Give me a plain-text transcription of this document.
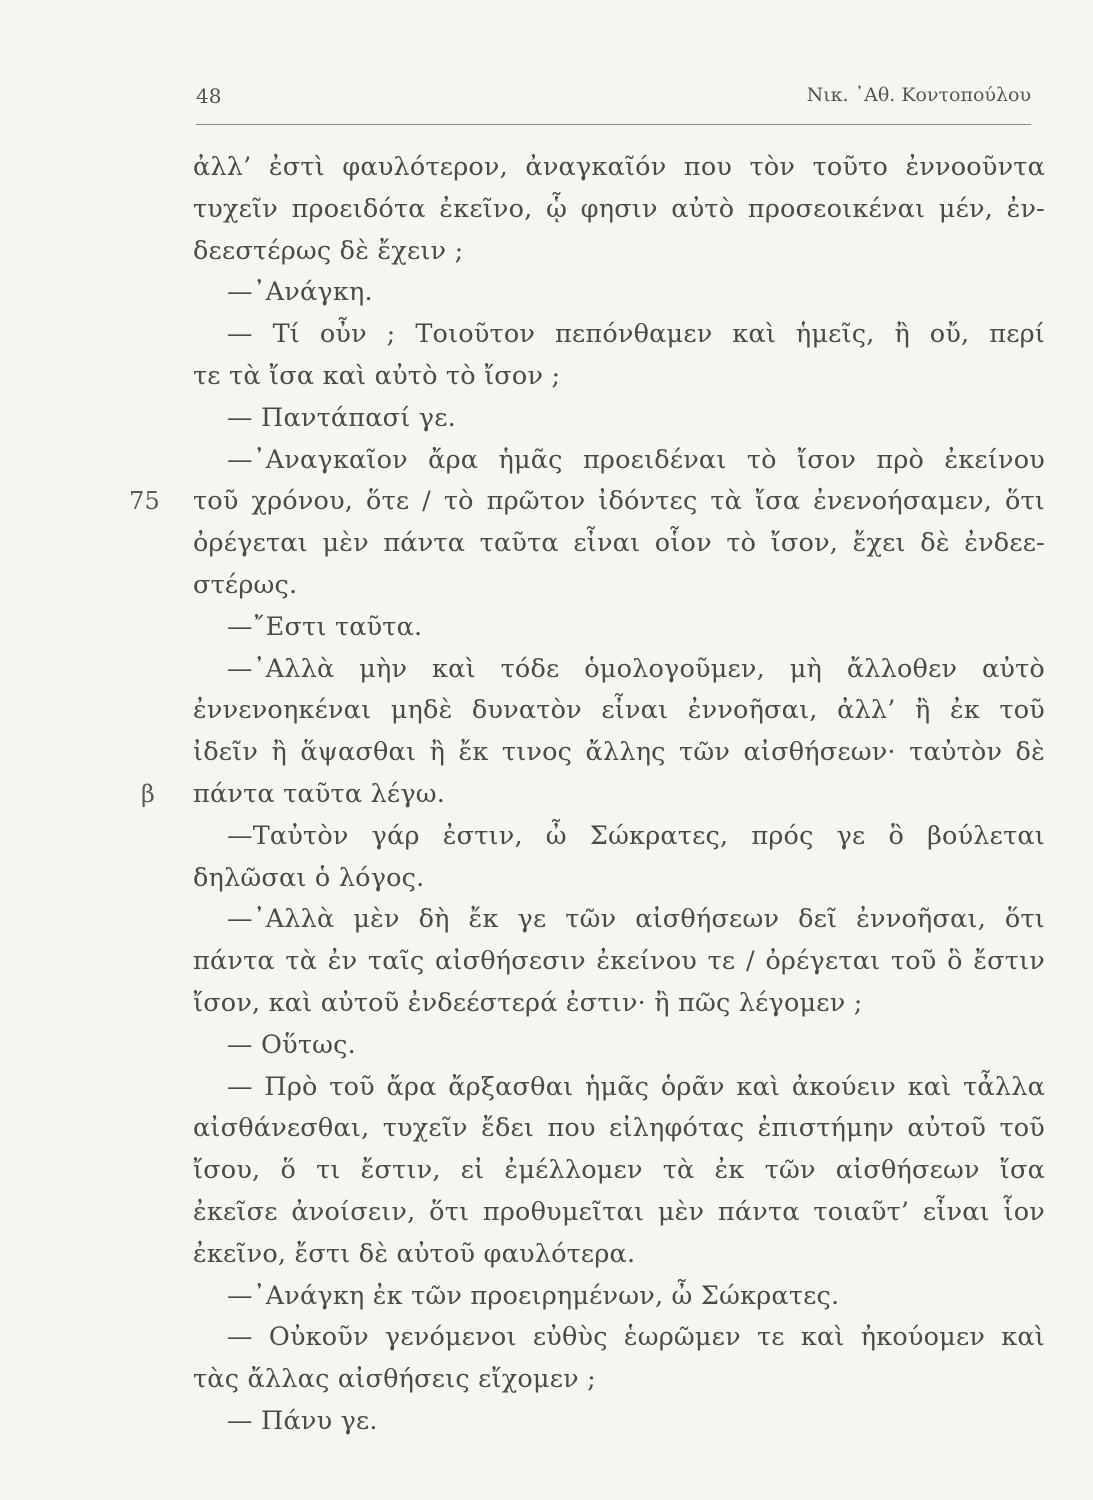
48	Νικ. ᾿Αθ. Κοντοπούλου
ἀλλ’ ἐστὶ φαυλότερον, ἀναγκαῖόν που τὸν τοῦτο ἐννοοῦντα
τυχεῖν προειδότα ἐκεῖνο, ᾧ φησιν αὐτὸ προσεοικέναι μέν, ἐν-
δεεστέρως δὲ ἔχειν ;
—᾿Ανάγκη.
— Τί οὖν ; Τοιοῦτον πεπόνθαμεν καὶ ἡμεῖς, ἢ οὔ, περί
τε τὰ ἴσα καὶ αὐτὸ τὸ ἴσον ;
— Παντάπασί γε.
—᾿Αναγκαῖον ἄρα ἡμᾶς προειδέναι τὸ ἴσον πρὸ ἐκείνου
τοῦ χρόνου, ὅτε / τὸ πρῶτον ἰδόντες τὰ ἴσα ἐνενοήσαμεν, ὅτι
75
ὀρέγεται μὲν πάντα ταῦτα εἶναι οἷον τὸ ἴσον, ἔχει δὲ ἐνδεε-
στέρως.
—῎Εστι ταῦτα.
—᾿Αλλὰ μὴν καὶ τόδε ὁμολογοῦμεν, μὴ ἄλλοθεν αὐτὸ
ἐννενοηκέναι μηδὲ δυνατὸν εἶναι ἐννοῆσαι, ἀλλ’ ἢ ἐκ τοῦ
ἰδεῖν ἢ ἅψασθαι ἢ ἔκ τινος ἄλλης τῶν αἰσθήσεων· ταὐτὸν δὲ
πάντα ταῦτα λέγω.
β
—Ταὐτὸν γάρ ἐστιν, ὦ Σώκρατες, πρός γε ὃ βούλεται
δηλῶσαι ὁ λόγος.
—᾿Αλλὰ μὲν δὴ ἔκ γε τῶν αἰσθήσεων δεῖ ἐννοῆσαι, ὅτι
πάντα τὰ ἐν ταῖς αἰσθήσεσιν ἐκείνου τε / ὀρέγεται τοῦ ὃ ἔστιν
ἴσον, καὶ αὐτοῦ ἐνδεέστερά ἐστιν· ἢ πῶς λέγομεν ;
— Οὕτως.
— Πρὸ τοῦ ἄρα ἄρξασθαι ἡμᾶς ὁρᾶν καὶ ἀκούειν καὶ τἆλλα
αἰσθάνεσθαι, τυχεῖν ἔδει που εἰληφότας ἐπιστήμην αὐτοῦ τοῦ
ἴσου, ὅ τι ἔστιν, εἰ ἐμέλλομεν τὰ ἐκ τῶν αἰσθήσεων ἴσα
ἐκεῖσε ἀνοίσειν, ὅτι προθυμεῖται μὲν πάντα τοιαῦτ’ εἶναι ἷον
ἐκεῖνο, ἔστι δὲ αὐτοῦ φαυλότερα.
—᾿Ανάγκη ἐκ τῶν προειρημένων, ὦ Σώκρατες.
— Οὐκοῦν γενόμενοι εὐθὺς ἑωρῶμεν τε καὶ ἠκούομεν καὶ
τὰς ἄλλας αἰσθήσεις εἴχομεν ;
— Πάνυ γε.
